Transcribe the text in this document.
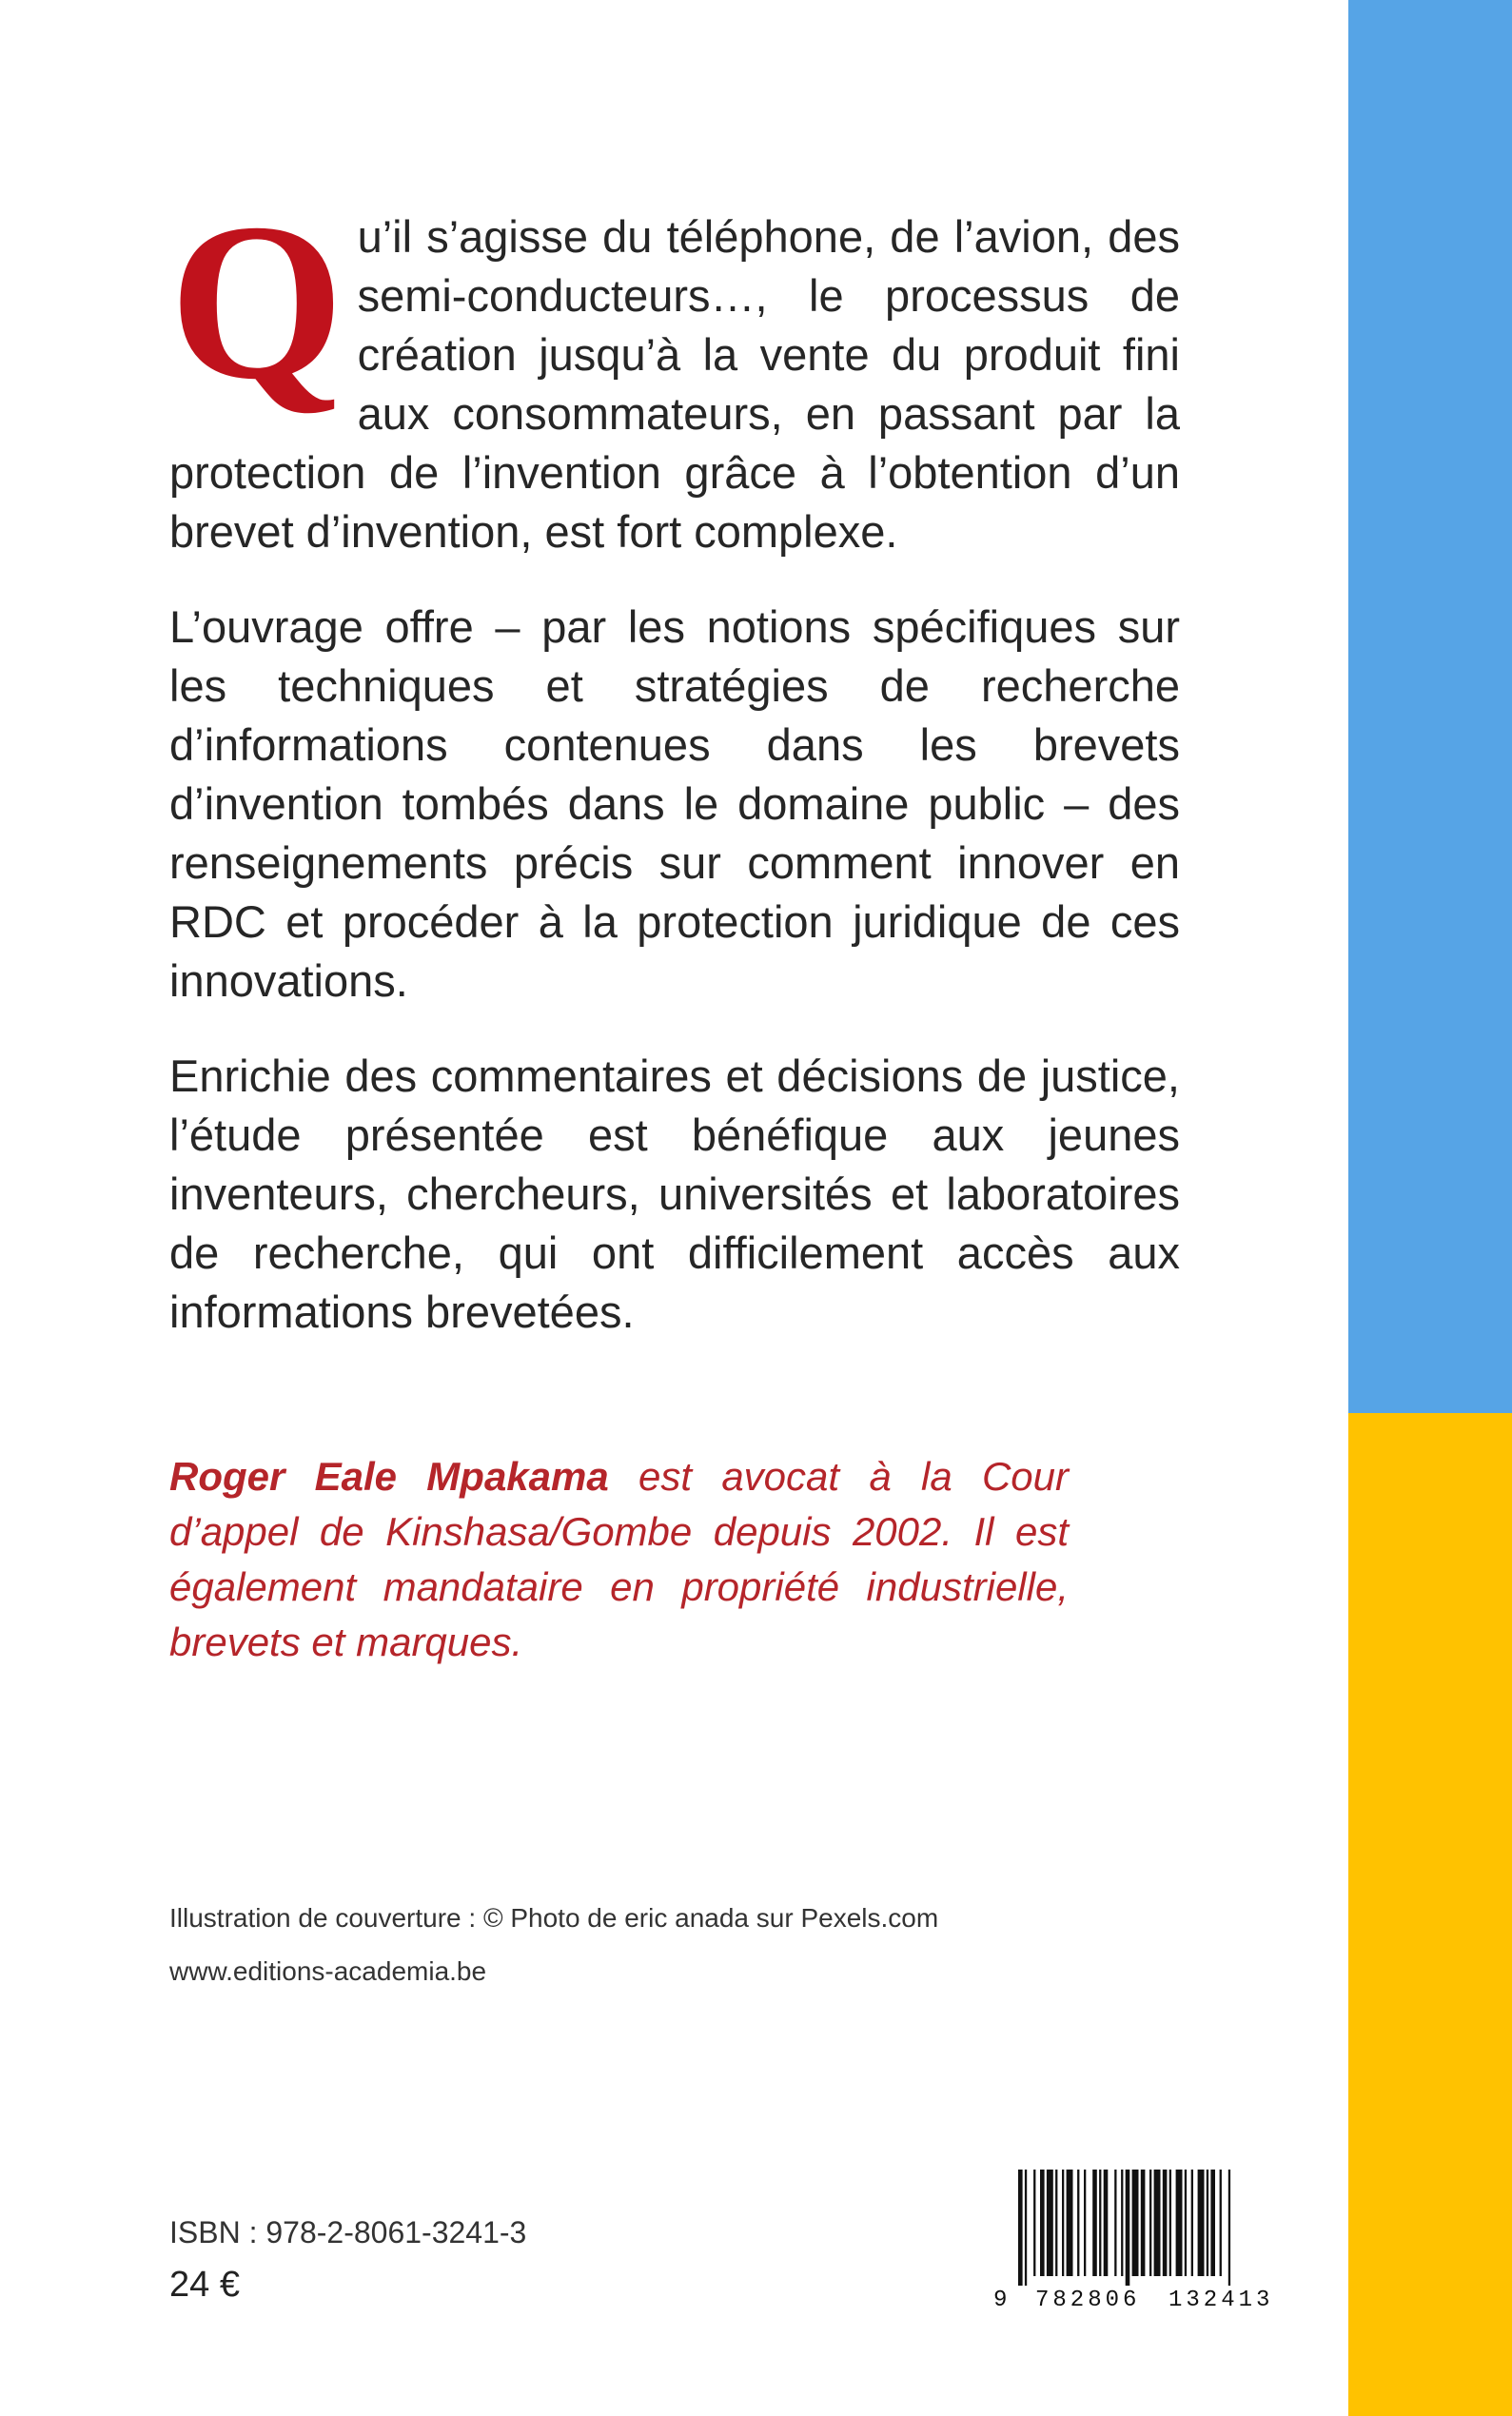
Qu’il s’agisse du téléphone, de l’avion, des semi-conducteurs…, le processus de création jusqu’à la vente du produit fini aux consommateurs, en passant par la protection de l’invention grâce à l’obtention d’un brevet d’invention, est fort complexe.

L’ouvrage offre – par les notions spécifiques sur les techniques et stratégies de recherche d’informations contenues dans les brevets d’invention tombés dans le domaine public – des renseignements précis sur comment innover en RDC et procéder à la protection juridique de ces innovations.

Enrichie des commentaires et décisions de justice, l’étude présentée est bénéfique aux jeunes inventeurs, chercheurs, universités et laboratoires de recherche, qui ont difficilement accès aux informations brevetées.

Roger Eale Mpakama est avocat à la Cour d’appel de Kinshasa/Gombe depuis 2002. Il est également mandataire en propriété industrielle, brevets et marques.
Illustration de couverture : © Photo de eric anada sur Pexels.com
www.editions-academia.be
ISBN : 978-2-8061-3241-3
24 €	9 782806 132413
